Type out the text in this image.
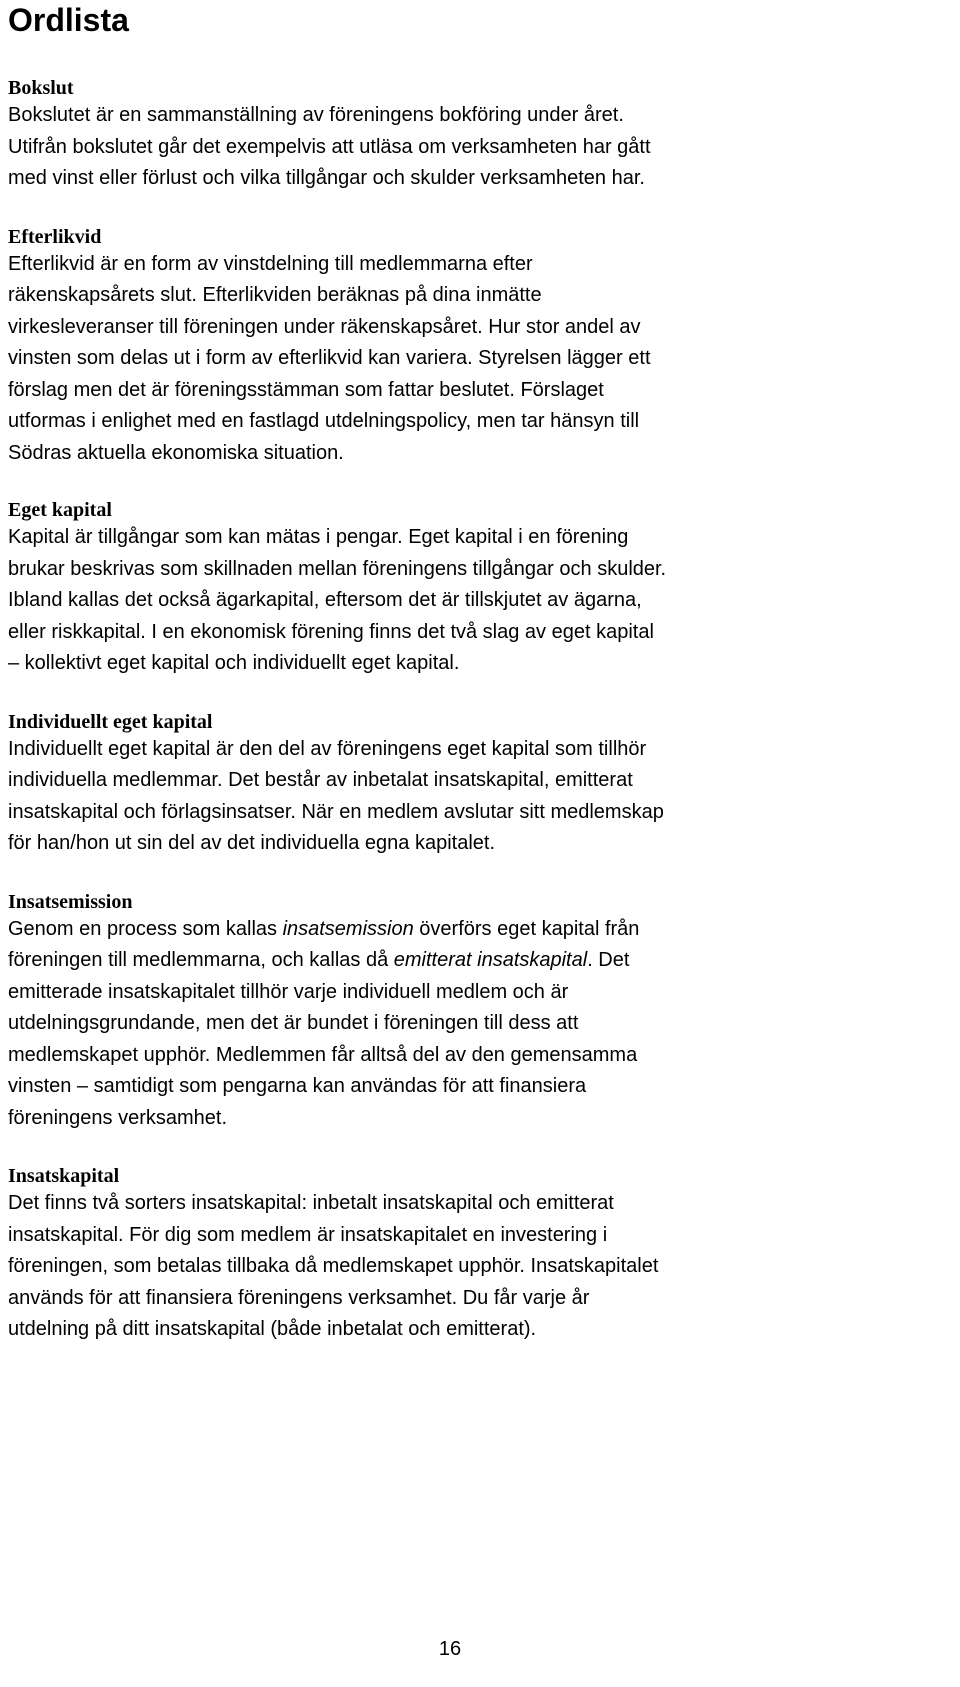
Ordlista

Bokslut

Bokslutet är en sammanställning av föreningens bokföring under året.
Utifrån bokslutet går det exempelvis att utläsa om verksamheten har gått
med vinst eller förlust och vilka tillgångar och skulder verksamheten har.

Efterlikvid

Efterlikvid är en form av vinstdelning till medlemmarna efter
räkenskapsårets slut. Efterlikviden beräknas på dina inmätte
virkesleveranser till föreningen under räkenskapsåret. Hur stor andel av
vinsten som delas ut i form av efterlikvid kan variera. Styrelsen lägger ett
förslag men det är föreningsstämman som fattar beslutet. Förslaget
utformas i enlighet med en fastlagd utdelningspolicy, men tar hänsyn till
Södras aktuella ekonomiska situation.

Eget kapital

Kapital är tillgångar som kan mätas i pengar. Eget kapital i en förening
brukar beskrivas som skillnaden mellan föreningens tillgångar och skulder.
Ibland kallas det också ägarkapital, eftersom det är tillskjutet av ägarna,
eller riskkapital. I en ekonomisk förening finns det två slag av eget kapital
– kollektivt eget kapital och individuellt eget kapital.

Individuellt eget kapital

Individuellt eget kapital är den del av föreningens eget kapital som tillhör
individuella medlemmar. Det består av inbetalat insatskapital, emitterat
insatskapital och förlagsinsatser. När en medlem avslutar sitt medlemskap
för han/hon ut sin del av det individuella egna kapitalet.

Insatsemission

Genom en process som kallas insatsemission överförs eget kapital från
föreningen till medlemmarna, och kallas då emitterat insatskapital. Det
emitterade insatskapitalet tillhör varje individuell medlem och är
utdelningsgrundande, men det är bundet i föreningen till dess att
medlemskapet upphör. Medlemmen får alltså del av den gemensamma
vinsten – samtidigt som pengarna kan användas för att finansiera
föreningens verksamhet.

Insatskapital

Det finns två sorters insatskapital: inbetalt insatskapital och emitterat
insatskapital. För dig som medlem är insatskapitalet en investering i
föreningen, som betalas tillbaka då medlemskapet upphör. Insatskapitalet
används för att finansiera föreningens verksamhet. Du får varje år
utdelning på ditt insatskapital (både inbetalat och emitterat).

16
